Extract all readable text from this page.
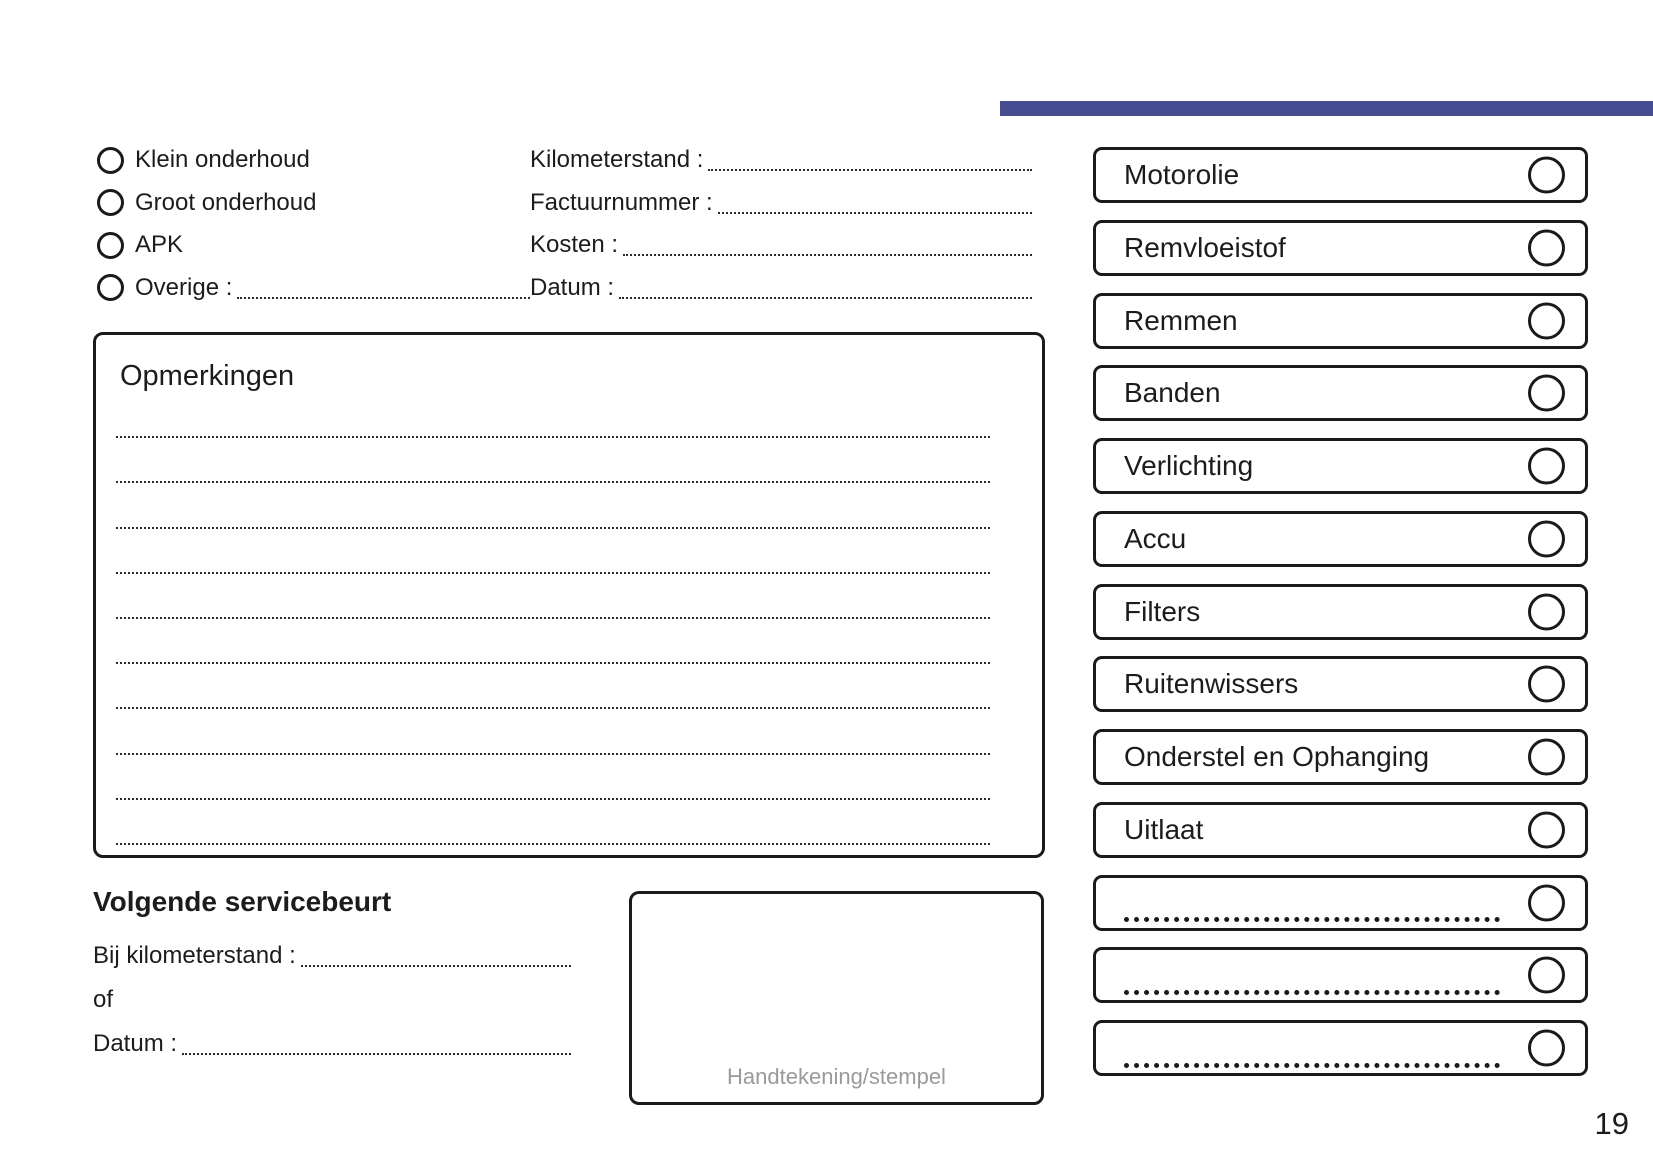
Klein onderhoud
Groot onderhoud
APK
Overige :
Kilometerstand :
Factuurnummer :
Kosten :
Datum :
Opmerkingen
Volgende servicebeurt
Bij kilometerstand :
of
Datum :
Handtekening/stempel
Motorolie
Remvloeistof
Remmen
Banden
Verlichting
Accu
Filters
Ruitenwissers
Onderstel en Ophanging
Uitlaat
19
